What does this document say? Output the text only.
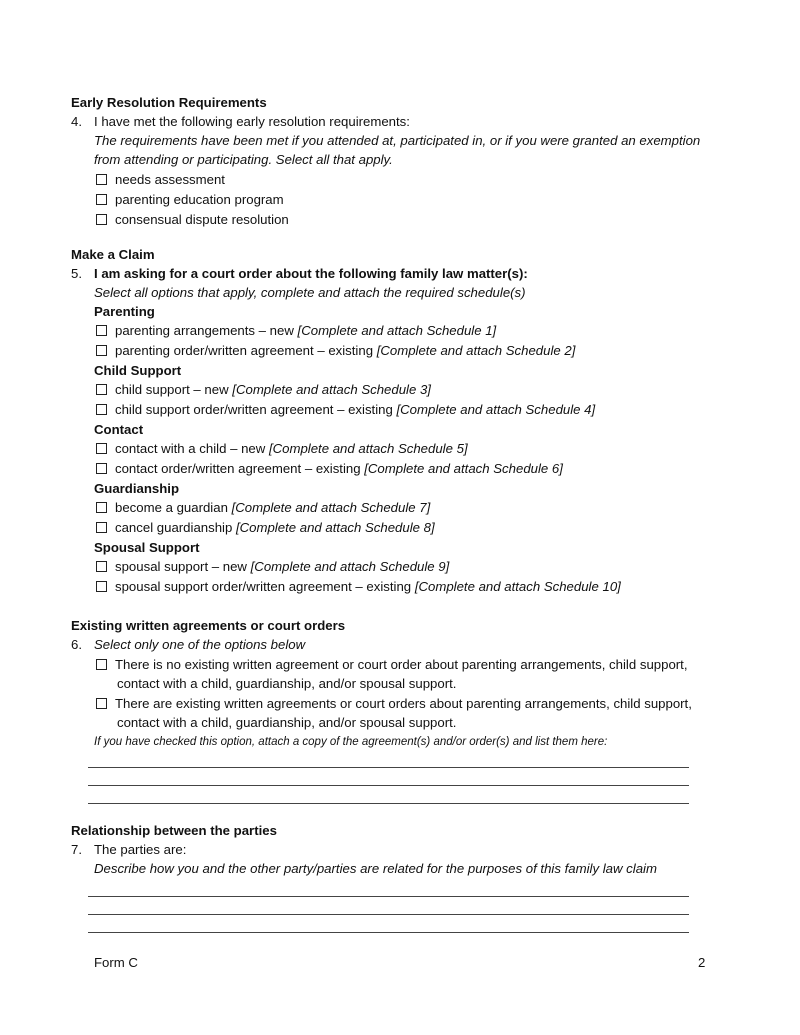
Early Resolution Requirements
4. I have met the following early resolution requirements:
The requirements have been met if you attended at, participated in, or if you were granted an exemption
from attending or participating. Select all that apply.
needs assessment
parenting education program
consensual dispute resolution
Make a Claim
5. I am asking for a court order about the following family law matter(s):
Select all options that apply, complete and attach the required schedule(s)
Parenting
parenting arrangements – new [Complete and attach Schedule 1]
parenting order/written agreement – existing [Complete and attach Schedule 2]
Child Support
child support – new [Complete and attach Schedule 3]
child support order/written agreement – existing [Complete and attach Schedule 4]
Contact
contact with a child – new [Complete and attach Schedule 5]
contact order/written agreement – existing [Complete and attach Schedule 6]
Guardianship
become a guardian [Complete and attach Schedule 7]
cancel guardianship [Complete and attach Schedule 8]
Spousal Support
spousal support – new [Complete and attach Schedule 9]
spousal support order/written agreement – existing [Complete and attach Schedule 10]
Existing written agreements or court orders
6. Select only one of the options below
There is no existing written agreement or court order about parenting arrangements, child support,
contact with a child, guardianship, and/or spousal support.
There are existing written agreements or court orders about parenting arrangements, child support,
contact with a child, guardianship, and/or spousal support.
If you have checked this option, attach a copy of the agreement(s) and/or order(s) and list them here:
Relationship between the parties
7. The parties are:
Describe how you and the other party/parties are related for the purposes of this family law claim
Form C	2
